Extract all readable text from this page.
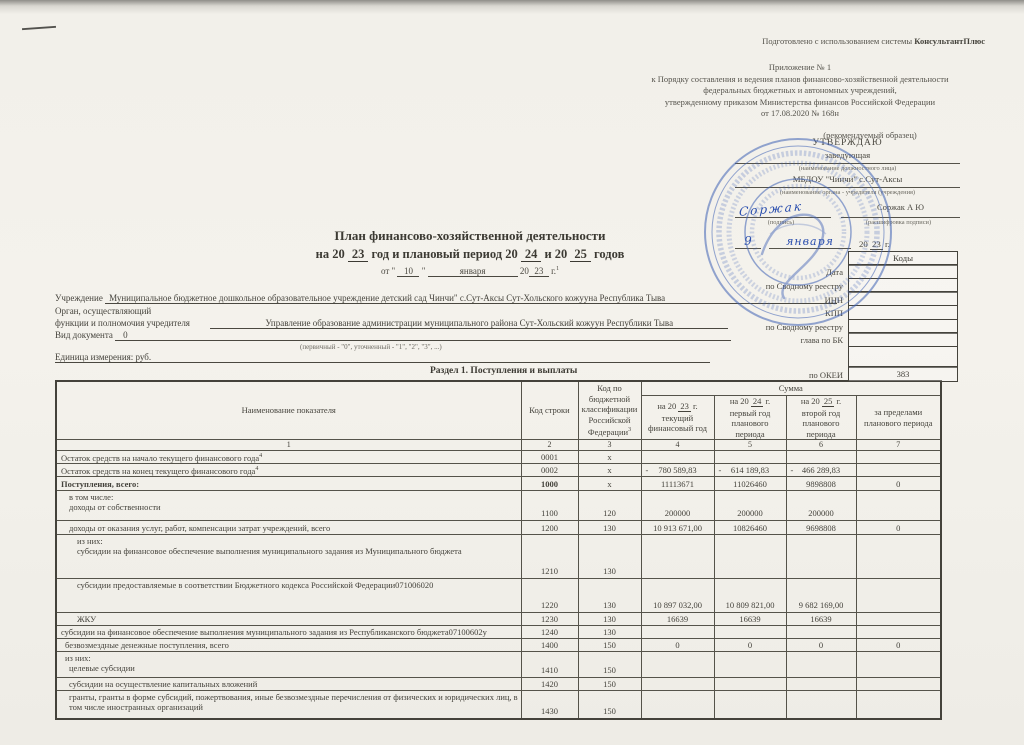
Подготовлено с использованием системы КонсультантПлюс
Приложение № 1
к Порядку составления и ведения планов финансово-хозяйственной деятельности
федеральных бюджетных и автономных учреждений,
утвержденному приказом Министерства финансов Российской Федерации
от 17.08.2020 № 168н
(рекомендуемый образец)
УТВЕРЖДАЮ
заведующая
(наименование должностного лица)
МБДОУ "Чинчи" с.Сут-Аксы
(наименование органа - учредителя (учреждения)
Соржак	Соржак А Ю
(подпись)	(расшифровка подписи)
9	января	20 23 г.
План финансово-хозяйственной деятельности
на 20 23 год и плановый период 20 24 и 20 25 годов
от " 10 "	января	20 23 г.$^1$
Коды
Дата
по Сводному реестру
ИНН
КПП
по Сводному реестру
глава по БК
по ОКЕИ	383
Учреждение Муниципальное бюджетное дошкольное образовательное учреждение детский сад Чинчи" с.Сут-Аксы Сут-Хольского кожууна Республика Тыва
Орган, осуществляющий
функции и полномочия учредителя	Управление образование администрации муниципального района Сут-Хольский кожуун Республики Тыва
Вид документа 0
(первичный - "0", уточненный - "1", "2", "3", ...)
Единица измерения: руб.
Раздел 1. Поступления и выплаты
Наименование показателя	Код строки	Код по бюджетной классификации Российской Федерации$^3$	Сумма			

на 20 23 г.
текущий финансовый год

на 20 24 г.
первый год планового периода

на 20 25 г.
второй год планового периода

за пределами планового периода

1	2	3	4	5	6	7

Остаток средств на начало текущего финансового года$^4$	0001	x				

Остаток средств на конец текущего финансового года$^4$	0002	x	- 780 589,83	- 614 189,83	- 466 289,83	

Поступления, всего:	1000	x	11113671	11026460	9898808	0

в том числе:
доходы от собственности	1100	120	200000	200000	200000	

доходы от оказания услуг, работ, компенсации затрат учреждений, всего	1200	130	10 913 671,00	10826460	9698808	0

из них:
субсидии на финансовое обеспечение выполнения муниципального задания из Муниципального бюджета	1210	130				

субсидии предоставляемые в соответствии Бюджетного кодекса Российской Федерации071006020	1220	130	10 897 032,00	10 809 821,00	9 682 169,00	

ЖКУ	1230	130	16639	16639	16639	

субсидии на финансовое обеспечение выполнения муниципального задания из Республиканского бюджета07100602у	1240	130				

безвозмездные денежные поступления, всего	1400	150	0	0	0	0

из них:
целевые субсидии	1410	150				

субсидии на осуществление капитальных вложений	1420	150				

гранты, гранты в форме субсидий, пожертвования, иные безвозмездные перечисления от физических и юридических лиц, в том числе иностранных организаций	1430	150				
